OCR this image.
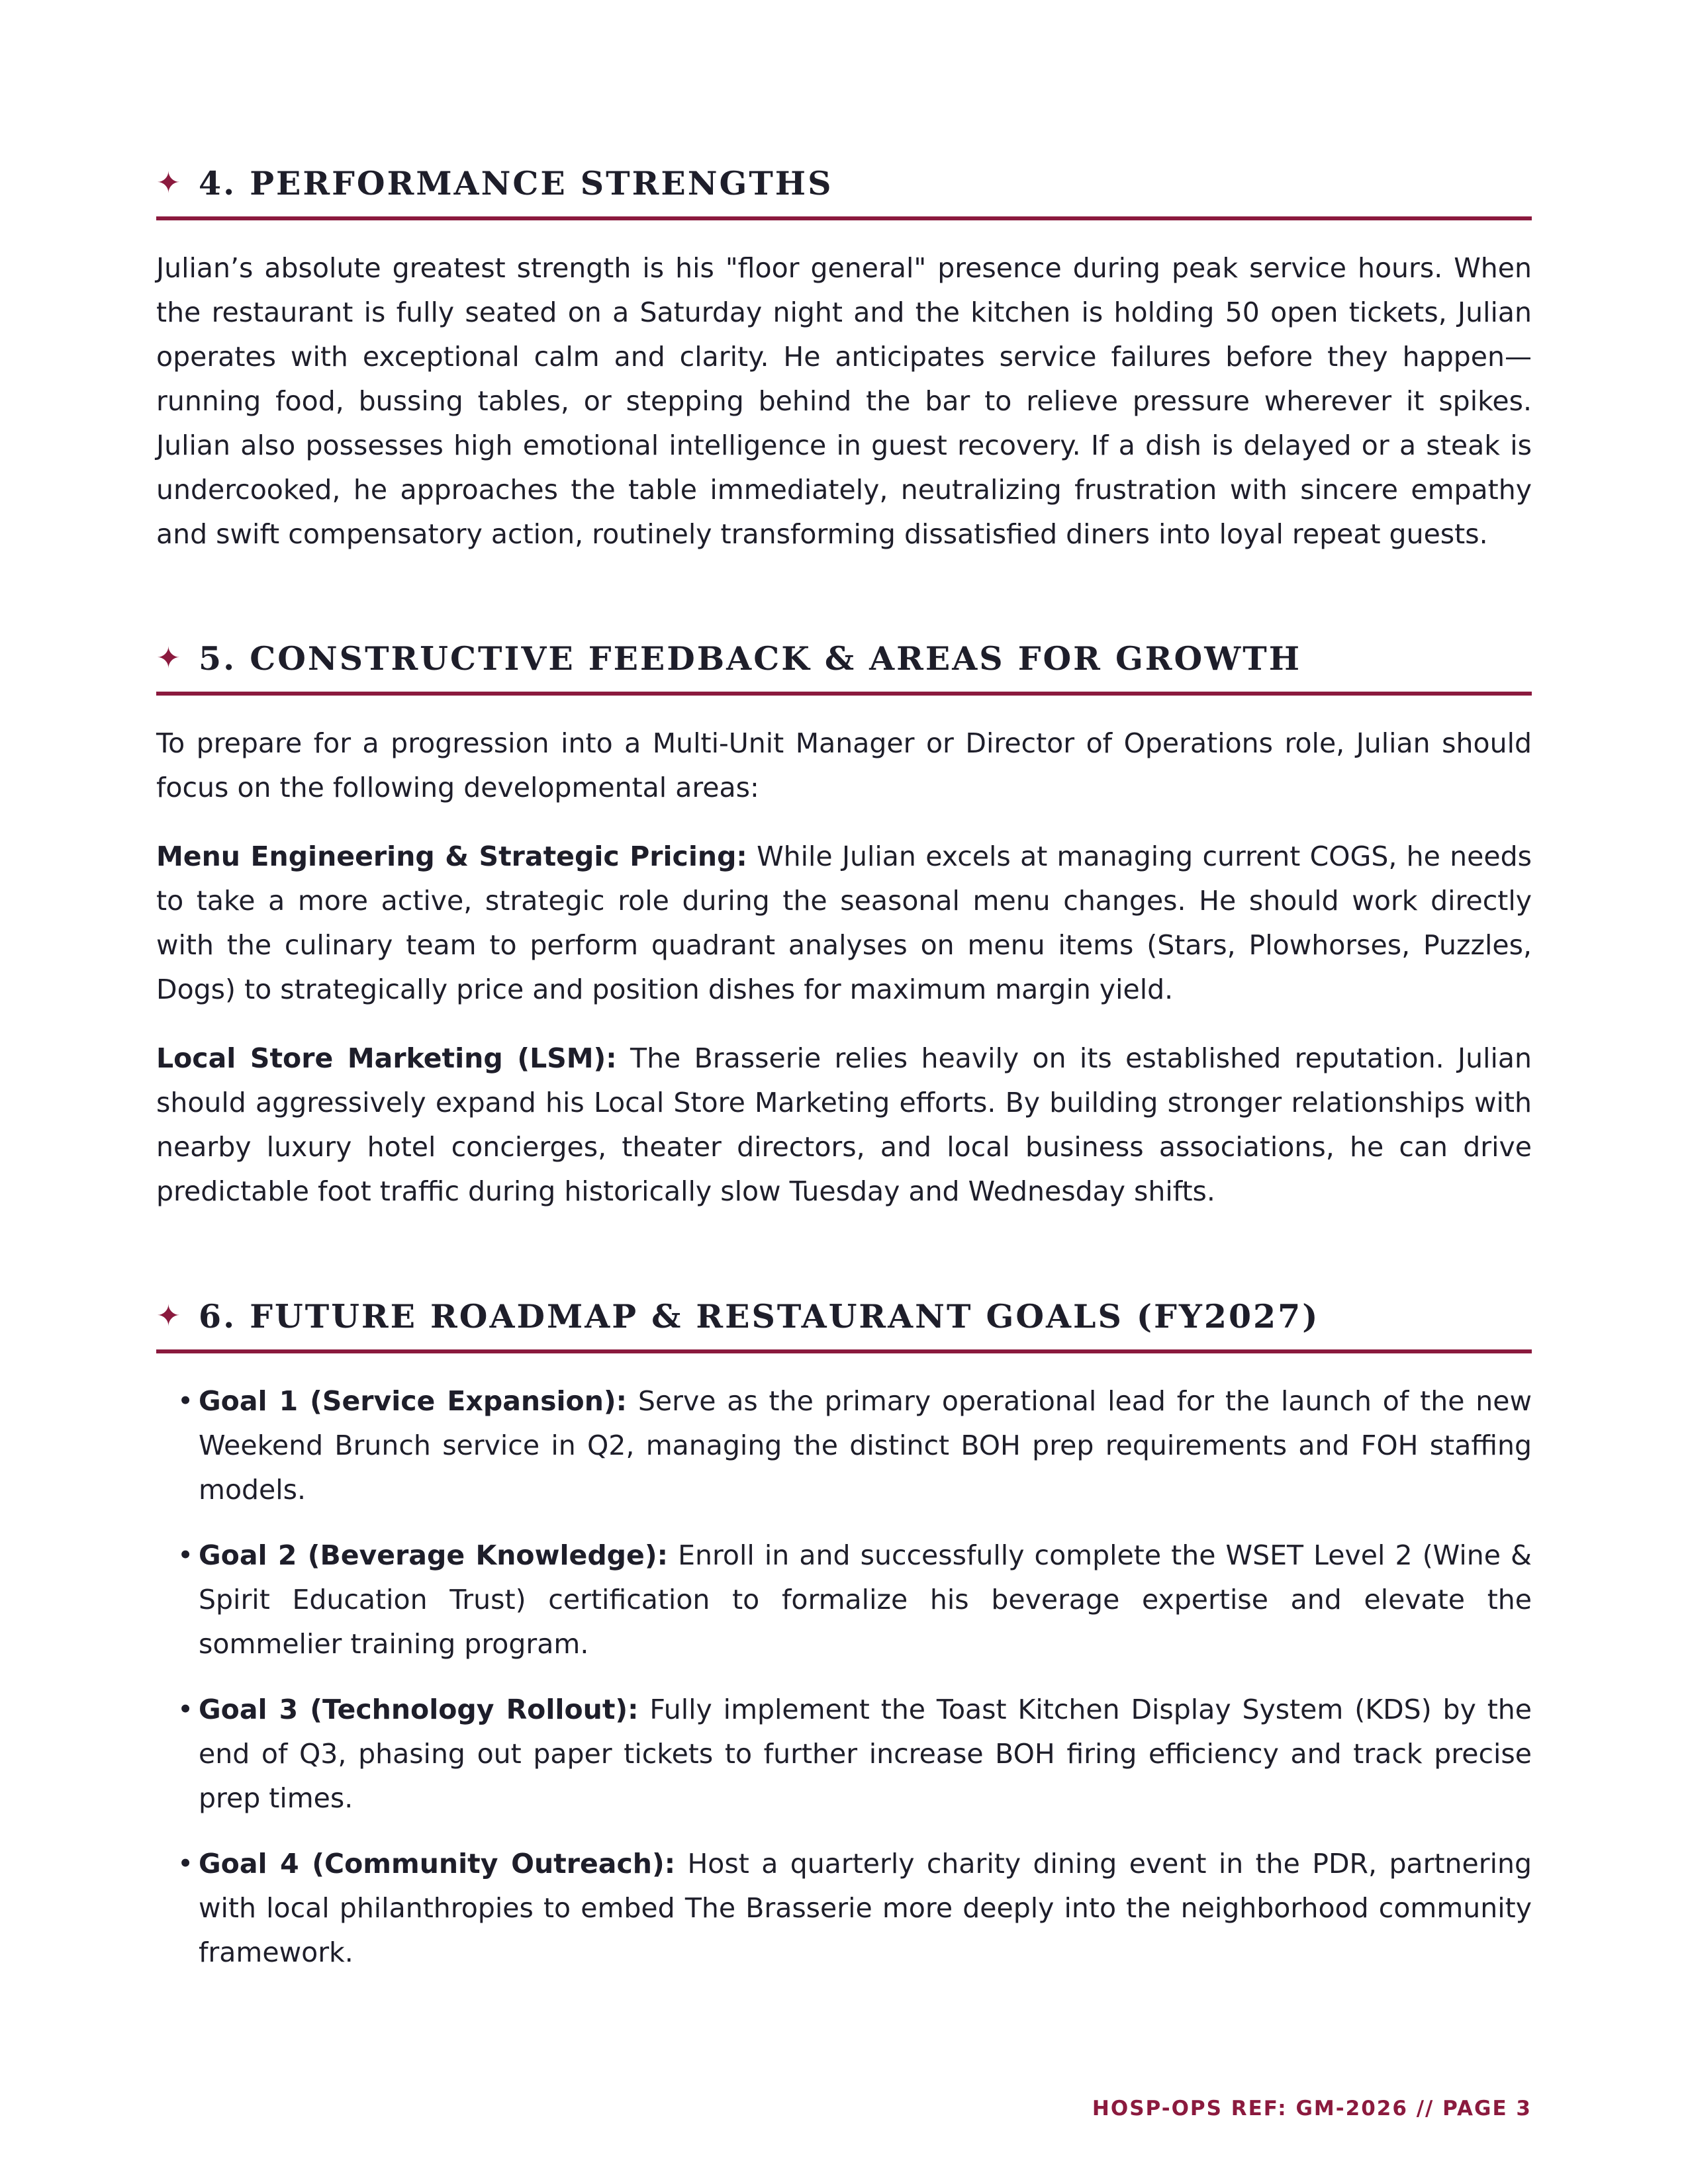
✦ 4. PERFORMANCE STRENGTHS

Julian’s absolute greatest strength is his "floor general" presence during peak service hours. When the restaurant is fully seated on a Saturday night and the kitchen is holding 50 open tickets, Julian operates with exceptional calm and clarity. He anticipates service failures before they happen—running food, bussing tables, or stepping behind the bar to relieve pressure wherever it spikes. Julian also possesses high emotional intelligence in guest recovery. If a dish is delayed or a steak is undercooked, he approaches the table immediately, neutralizing frustration with sincere empathy and swift compensatory action, routinely transforming dissatisfied diners into loyal repeat guests.

✦ 5. CONSTRUCTIVE FEEDBACK & AREAS FOR GROWTH

To prepare for a progression into a Multi-Unit Manager or Director of Operations role, Julian should focus on the following developmental areas:

Menu Engineering & Strategic Pricing: While Julian excels at managing current COGS, he needs to take a more active, strategic role during the seasonal menu changes. He should work directly with the culinary team to perform quadrant analyses on menu items (Stars, Plowhorses, Puzzles, Dogs) to strategically price and position dishes for maximum margin yield.

Local Store Marketing (LSM): The Brasserie relies heavily on its established reputation. Julian should aggressively expand his Local Store Marketing efforts. By building stronger relationships with nearby luxury hotel concierges, theater directors, and local business associations, he can drive predictable foot traffic during historically slow Tuesday and Wednesday shifts.

✦ 6. FUTURE ROADMAP & RESTAURANT GOALS (FY2027)
• Goal 1 (Service Expansion): Serve as the primary operational lead for the launch of the new Weekend Brunch service in Q2, managing the distinct BOH prep requirements and FOH staffing models.
• Goal 2 (Beverage Knowledge): Enroll in and successfully complete the WSET Level 2 (Wine & Spirit Education Trust) certification to formalize his beverage expertise and elevate the sommelier training program.
• Goal 3 (Technology Rollout): Fully implement the Toast Kitchen Display System (KDS) by the end of Q3, phasing out paper tickets to further increase BOH firing efficiency and track precise prep times.
• Goal 4 (Community Outreach): Host a quarterly charity dining event in the PDR, partnering with local philanthropies to embed The Brasserie more deeply into the neighborhood community framework.
HOSP-OPS REF: GM-2026 // PAGE 3
